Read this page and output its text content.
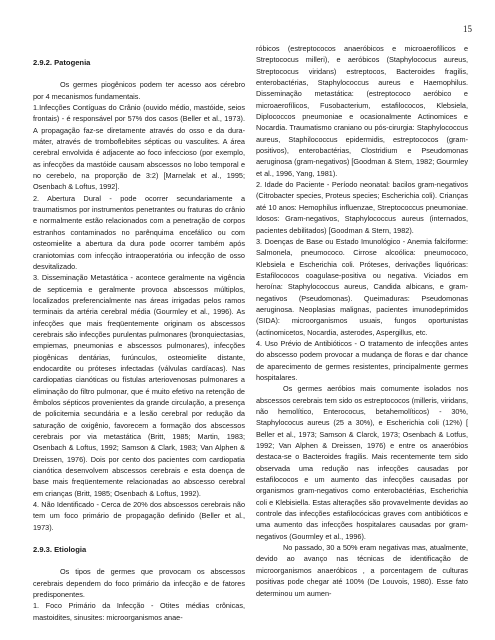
15
2.9.2. Patogenia

Os germes piogênicos podem ter acesso aos cérebro por 4 mecanismos fundamentais.

1.Infecções Contíguas do Crânio (ouvido médio, mastóide, seios frontais) - é responsável por 57% dos casos (Beller et al., 1973). A propagação faz-se diretamente através do osso e da dura-máter, através de tromboflebites sépticas ou vasculites. A área cerebral envolvida é adjacente ao foco infeccioso (por exemplo, as infecções da mastóide causam abscessos no lobo temporal e no cerebelo, na proporção de 3:2) [Marnelak et al., 1995; Osenbach & Loftus, 1992].

2. Abertura Dural - pode ocorrer secundariamente a traumatismos por instrumentos penetrantes ou fraturas do crânio e normalmente estão relacionados com a penetração de corpos estranhos contaminados no parênquima encefálico ou com osteomielite a abertura da dura pode ocorrer também após craniotomias com infecção intraoperatória ou infecção de osso desvitalizado.

3. Disseminação Metastática - acontece geralmente na vigência de septicemia e geralmente provoca abscessos múltiplos, localizados preferencialmente nas áreas irrigadas pelos ramos terminais da artéria cerebral média (Gourmley et al., 1996). As infecções que mais freqüentemente originam os abscessos cerebrais são infecções purulentas pulmonares (bronquiectasias, empiemas, pneumonias e abscessos pulmonares), infecções piogênicas dentárias, furúnculos, osteomielite distante, endocardite ou próteses infectadas (válvulas cardíacas). Nas cardiopatias cianóticas ou fístulas arteriovenosas pulmonares a eliminação do filtro pulmonar, que é muito efetivo na retenção de êmbolos sépticos provenientes da grande circulação, a presença de policitemia secundária e a lesão cerebral por redução da saturação de oxigênio, favorecem a formação dos abscessos cerebrais por via metastática (Britt, 1985; Martin, 1983; Osenbach & Loftus, 1992; Samson & Clark, 1983; Van Alphen & Dreissen, 1976). Dois por cento dos pacientes com cardiopatia cianótica desenvolvem abscessos cerebrais e esta doença de base mais freqüentemente relacionadas ao abscesso cerebral em crianças (Britt, 1985; Osenbach & Loftus, 1992).

4. Não Identificado - Cerca de 20% dos abscessos cerebrais não tem um foco primário de propagação definido (Beller et al., 1973).

2.9.3. Etiologia

Os tipos de germes que provocam os abscessos cerebrais dependem do foco primário da infecção e de fatores predisponentes.

1. Foco Primário da Infecção - Otites médias crônicas, mastoidites, sinusites: microorganismos anae-

róbicos (estreptococos anaeróbicos e microaerofílicos e Streptococus milleri), e aeróbicos (Staphylococus aureus, Streptococus viridans) estreptocos, Bacteroides fragilis, enterobactérias, Staphylococcus aureus e Haemophilus. Disseminação metastática: (estreptococo aeróbico e microaerofílicos, Fusobacterium, estafilococos, Klebsiela, Diplococcos pneumoniae e ocasionalmente Actinomices e Nocardia. Traumatismo craniano ou pós-cirurgia: Staphylococcus aureus, Staphilococcus epidermidis, estreptococos (gram-positivos), enterobactérias, Clostridium e Pseudomonas aeruginosa (gram-negativos) [Goodman & Stern, 1982; Gourmley et al., 1996, Yang, 1981).

2. Idade do Paciente - Período neonatal: bacilos gram-negativos (Citrobacter species, Proteus species; Escherichia coli). Crianças até 10 anos: Hemophilus influenzae, Streptococcus pneumoniae. Idosos: Gram-negativos, Staphylococcus aureus (internados, pacientes debilitados) [Goodman & Stern, 1982).

3. Doenças de Base ou Estado Imunológico - Anemia falciforme: Salmonela, pneumococo. Cirrose alcoólica: pneumococo, Klebsiela e Escherichia coli. Próteses, derivações liquóricas: Estafilococos coagulase-positiva ou negativa. Viciados em heroína: Staphylococcus aureus, Candida albicans, e gram-negativos (Pseudomonas). Queimaduras: Pseudomonas aeruginosa. Neoplasias malignas, pacientes imunodeprimidos (SIDA): microorganismos usuais, fungos oportunistas (actinomicetos, Nocardia, asterodes, Aspergillus, etc.

4. Uso Prévio de Antibióticos - O tratamento de infecções antes do abscesso podem provocar a mudança de floras e dar chance de aparecimento de germes resistentes, principalmente germes hospitalares.

Os germes aeróbios mais comumente isolados nos abscessos cerebrais tem sido os estreptococos (milleris, viridans, não hemolítico, Enterococus, betahemolíticos) - 30%, Staphylococus aureus (25 a 30%), e Escherichia coli (12%) [ Beller et al., 1973; Samson & Clarck, 1973; Osenbach & Lotfus, 1992; Van Alphen & Dreissen, 1976) e entre os anaeróbios destaca-se o Bacteroides fragilis. Mais recentemente tem sido observada uma redução nas infecções causadas por estafilococos e um aumento das infecções causadas por organismos gram-negativos como enterobactérias, Escherichia coli e Klebisiella. Estas alterações são provavelmente devidas ao controle das infecções estafilocócicas graves com antibióticos e uma aumento das infecções hospitalares causadas por gram-negativos (Gourmley et al., 1996).

No passado, 30 a 50% eram negativas mas, atualmente, devido ao avanço nas técnicas de identificação de microorganismos anaeróbicos , a porcentagem de culturas positivas pode chegar até 100% (De Louvois, 1980). Esse fato determinou um aumen-
